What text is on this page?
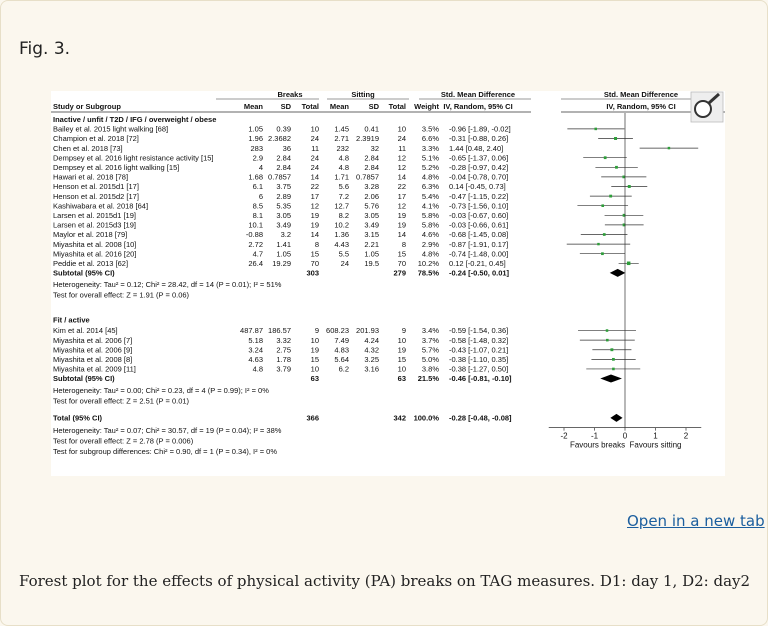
Fig. 3.
Breaks	Sitting	Std. Mean Difference	Std. Mean Difference
Study or Subgroup	Mean SD Total Mean	SD Total Weight IV, Random, 95% CI	IV, Random, 95% CI
Inactive / unfit / T2D / IFG / overweight / obese
Bailey et al. 2015 light walking [68]	1.05 0.39	10 1.45 0.41 10 3.5% -0.96 [-1.89, -0.02]
Champion et al. 2018 [72]	1.96 2.3682	24 2.71 2.3919 24 6.6% -0.31 [-0.88, 0.26]
Chen et al. 2018 [73]	283	36	11 232	32	11 3.3% 1.44 [0.48, 2.40]
Dempsey et al. 2016 light resistance activity [15]	2.9 2.84	24	4.8 2.84 12 5.1% -0.65 [-1.37, 0.06]
Dempsey et al. 2016 light walking [15]	4 2.84	24	4.8 2.84 12 5.2% -0.28 [-0.97, 0.42]
Hawari et al. 2018 [78]	1.68 0.7857	14 1.71 0.7857 14 4.8% -0.04 [-0.78, 0.70]
Henson et al. 2015d1 [17]	6.1 3.75	22	5.6 3.28 22 6.3% 0.14 [-0.45, 0.73]
Henson et al. 2015d2 [17]	6 2.89	17	7.2 2.06 17 5.4% -0.47 [-1.15, 0.22]
Kashiwabara et al. 2018 [64]	8.5 5.35	12 12.7 5.76 12 4.1% -0.73 [-1.56, 0.10]
Larsen et al. 2015d1 [19]	8.1 3.05	19	8.2 3.05 19 5.8% -0.03 [-0.67, 0.60]
Larsen et al. 2015d3 [19]	10.1 3.49	19 10.2 3.49 19 5.8% -0.03 [-0.66, 0.61]
Maylor et al. 2018 [79]	-0.88 3.2	14 1.36 3.15 14 4.6% -0.68 [-1.45, 0.08]
Miyashita et al. 2008 [10]	2.72 1.41	8 4.43 2.21	8 2.9% -0.87 [-1.91, 0.17]
Miyashita et al. 2016 [20]	4.7 1.05	15	5.5 1.05 15 4.8% -0.74 [-1.48, 0.00]
Peddie et al. 2013 [62]	26.4 19.29	70	24 19.5 70 10.2% 0.12 [-0.21, 0.45]
Subtotal (95% CI)	303	279 78.5% -0.24 [-0.50, 0.01]
Heterogeneity: Tau² = 0.12; Chi² = 28.42, df = 14 (P = 0.01); I² = 51%
Test for overall effect: Z = 1.91 (P = 0.06)
Fit / active
Kim et al. 2014 [45]	487.87 186.57	9 608.23 201.93	9 3.4% -0.59 [-1.54, 0.36]
Miyashita et al. 2006 [7]	5.18 3.32	10 7.49 4.24 10 3.7% -0.58 [-1.48, 0.32]
Miyashita et al. 2006 [9]	3.24 2.75	19 4.83 4.32 19 5.7% -0.43 [-1.07, 0.21]
Miyashita et al. 2008 [8]	4.63 1.78	15 5.64 3.25 15 5.0% -0.38 [-1.10, 0.35]
Miyashita et al. 2009 [11]	4.8 3.79	10	6.2 3.16 10 3.8% -0.38 [-1.27, 0.50]
Subtotal (95% CI)	63	63 21.5% -0.46 [-0.81, -0.10]
Heterogeneity: Tau² = 0.00; Chi² = 0.23, df = 4 (P = 0.99); I² = 0%
Test for overall effect: Z = 2.51 (P = 0.01)
Total (95% CI)	366	342 100.0% -0.28 [-0.48, -0.08]
Heterogeneity: Tau² = 0.07; Chi² = 30.57, df = 19 (P = 0.04); I² = 38%
Test for overall effect: Z = 2.78 (P = 0.006)
Test for subgroup differences: Chi² = 0.90, df = 1 (P = 0.34), I² = 0%
-2	-1	0	1	2
Favours breaks Favours sitting
Open in a new tab
Forest plot for the effects of physical activity (PA) breaks on TAG measures. D1: day 1, D2: day2
